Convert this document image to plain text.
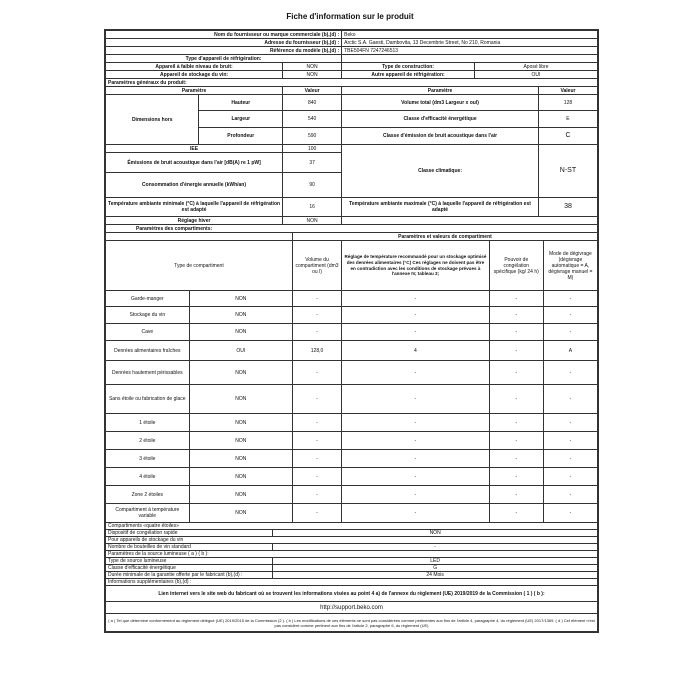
Fiche d'information sur le produit
Nom du fournisseur ou marque commerciale (b),(d) :		Beko	
Adresse du fournisseur (b),(d) :		Arctic S.A. Gaesti, Dambovita, 13 Decembrie Street, No 210, Romania	
Référence du modèle (b),(d) :		TBE504FN 7247246513	
Type d'appareil de réfrigération:			
Appareil à faible niveau de bruit:	NON	Type de construction:	Aposé libre
Appareil de stockage du vin:	NON	Autre appareil de réfrigération:	OUI
Paramètres généraux du produit:				
Paramètre		Valeur	Paramètre	Valeur
Dimensions hors	Hauteur	840	Volume total (dm3 Largeur x oul)	128
	Largeur	540	Classe d'efficacité énergétique	E
	Profondeur	590	Classe d'émission de bruit acoustique dans l'air	C
IEE		100	Classe climatique:	N-ST
Émissions de bruit acoustique dans l'air [dB(A) re 1 pW]		37		
Consommation d'énergie annuelle (kWh/an)		90		
Température ambiante minimale (°C) à laquelle l'appareil de réfrigération est adapté		16	Température ambiante maximale (°C) à laquelle l'appareil de réfrigération est adapté	38
Réglage hiver		NON		
Paramètres des compartiments:					
		Paramètres et valeurs de compartiment			
Type de compartiment		Volume du compartiment (dm3 ou l)	Réglage de température recommandé pour un stockage optimisé des denrées alimentaires (°C) Ces réglages ne doivent pas être en contradiction avec les conditions de stockage prévues à l'annexe IV, tableau 3;	Pouvoir de congélation spécifique (kg/ 24 h)	Mode de dégivrage (dégivrage automatique = A, dégivrage manuel = M)
Garde-manger	NON	-	-	-	-
Stockage du vin	NON	-	-	-	-
Cave	NON	-	-	-	-
Denrées alimentaires fraîches	OUI	128,0	4	-	A
Denrées hautement périssables	NON	-	-	-	-
Sans étoile ou fabrication de glace	NON	-	-	-	-
1 étoile	NON	-	-	-	-
2 étoile	NON	-	-	-	-
3 étoile	NON	-	-	-	-
4 étoile	NON	-	-	-	-
Zone 2 étoiles	NON	-	-	-	-
Compartiment à température variable	NON	-	-	-	-
Compartiments «quatre étoiles»	
Dispositif de congélation rapide	NON
Pour appareils de stockage du vin	
Nombre de bouteilles de vin standard	-
Paramètres de la source lumineuse ( a ) ( b ):	
Type de source lumineuse	LED
Classe d'efficacité énergétique	G
Durée minimale de la garantie offerte par le fabricant (b),(d) :	24 Mois
Informations supplémentaires (b),(d) :	
Lien internet vers le site web du fabricant où se trouvent les informations visées au point 4 a) de l'annexe du règlement (UE) 2019/2019 de la Commission ( 1 ) ( b ):	
http://support.beko.com	
( a ) Tel que déterminé conformément au règlement délégué (UE) 2019/2015 de la Commission (2 ). ( b ) Les modifications de ces éléments ne sont pas considérées comme pertinentes aux fins de l'article 4, paragraphe 4, du règlement (UE) 2017/1369. ( d ) Cet élément n'est pas considéré comme pertinent aux fins de l'article 2, paragraphe 6, du règlement (UE)	
